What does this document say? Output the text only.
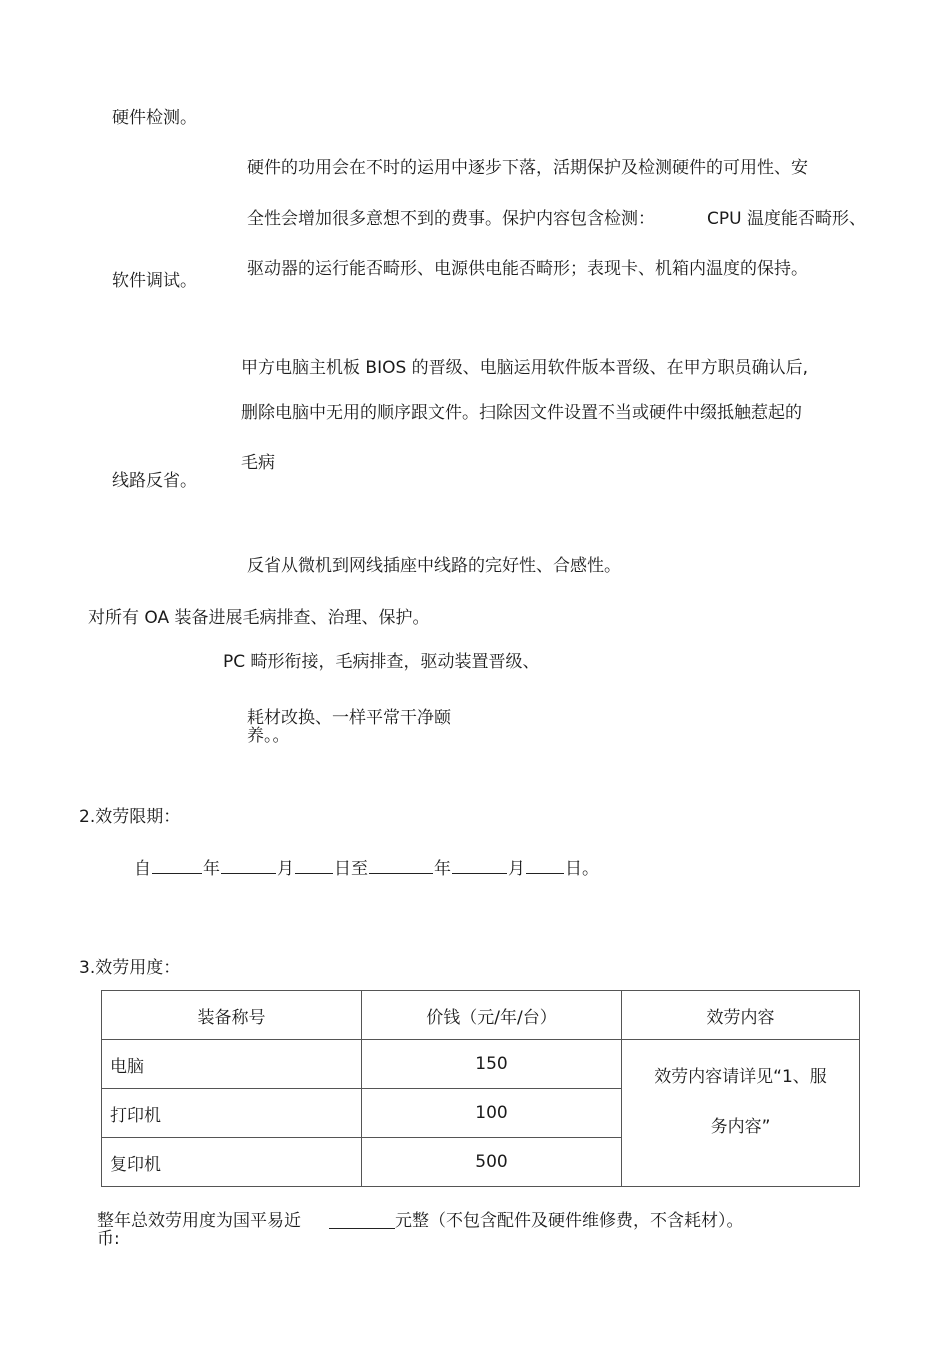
硬件检测。
硬件的功用会在不时的运用中逐步下落，活期保护及检测硬件的可用性、安
全性会增加很多意想不到的费事。保护内容包含检测：	CPU 温度能否畸形、
驱动器的运行能否畸形、电源供电能否畸形；表现卡、机箱内温度的保持。
软件调试。
甲方电脑主机板 BIOS 的晋级、电脑运用软件版本晋级、在甲方职员确认后,
删除电脑中无用的顺序跟文件。扫除因文件设置不当或硬件中缀抵触惹起的
毛病
线路反省。
反省从微机到网线插座中线路的完好性、合感性。
对所有 OA 装备进展毛病排查、治理、保护。
PC 畸形衔接，毛病排查，驱动装置晋级、
耗材改换、一样平常干净颐
养。。
2.效劳限期：
自	年	月 日至	年	月 日。
3.效劳用度：
装备称号	价钱（元/年/台）	效劳内容
电脑	150	效劳内容请详见“1、服
务内容”

打印机	100	
复印机	500	
整年总效劳用度为国平易近
币:
元整（不包含配件及硬件维修费，不含耗材）。
